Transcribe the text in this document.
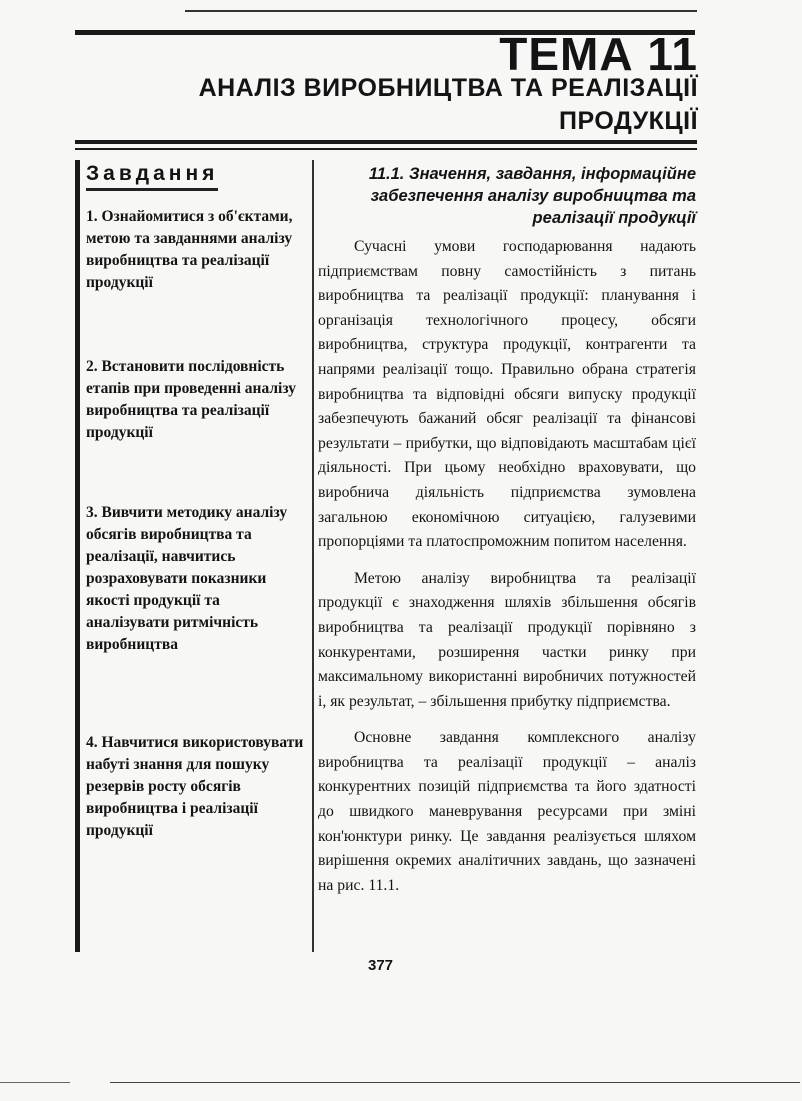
ТЕМА 11
АНАЛІЗ ВИРОБНИЦТВА ТА РЕАЛІЗАЦІЇ ПРОДУКЦІЇ
Завдання
1. Ознайомитися з об'єктами, метою та завданнями аналізу виробництва та реалізації продукції
2. Встановити послідовність етапів при проведенні аналізу виробництва та реалізації продукції
3. Вивчити методику аналізу обсягів виробництва та реалізації, навчитись розраховувати показники якості продукції та аналізувати ритмічність виробництва
4. Навчитися використовувати набуті знання для пошуку резервів росту обсягів виробництва і реалізації продукції

11.1. Значення, завдання, інформаційне забезпечення аналізу виробництва та реалізації продукції

Сучасні умови господарювання надають підприємствам повну самостійність з питань виробництва та реалізації продукції: планування і організація технологічного процесу, обсяги виробництва, структура продукції, контрагенти та напрями реалізації тощо. Правильно обрана стратегія виробництва та відповідні обсяги випуску продукції забезпечують бажаний обсяг реалізації та фінансові результати – прибутки, що відповідають масштабам цієї діяльності. При цьому необхідно враховувати, що виробнича діяльність підприємства зумовлена загальною економічною ситуацією, галузевими пропорціями та платоспроможним попитом населення.

Метою аналізу виробництва та реалізації продукції є знаходження шляхів збільшення обсягів виробництва та реалізації продукції порівняно з конкурентами, розширення частки ринку при максимальному використанні виробничих потужностей і, як результат, – збільшення прибутку підприємства.

Основне завдання комплексного аналізу виробництва та реалізації продукції – аналіз конкурентних позицій підприємства та його здатності до швидкого маневрування ресурсами при зміні кон'юнктури ринку. Це завдання реалізується шляхом вирішення окремих аналітичних завдань, що зазначені на рис. 11.1.

377
